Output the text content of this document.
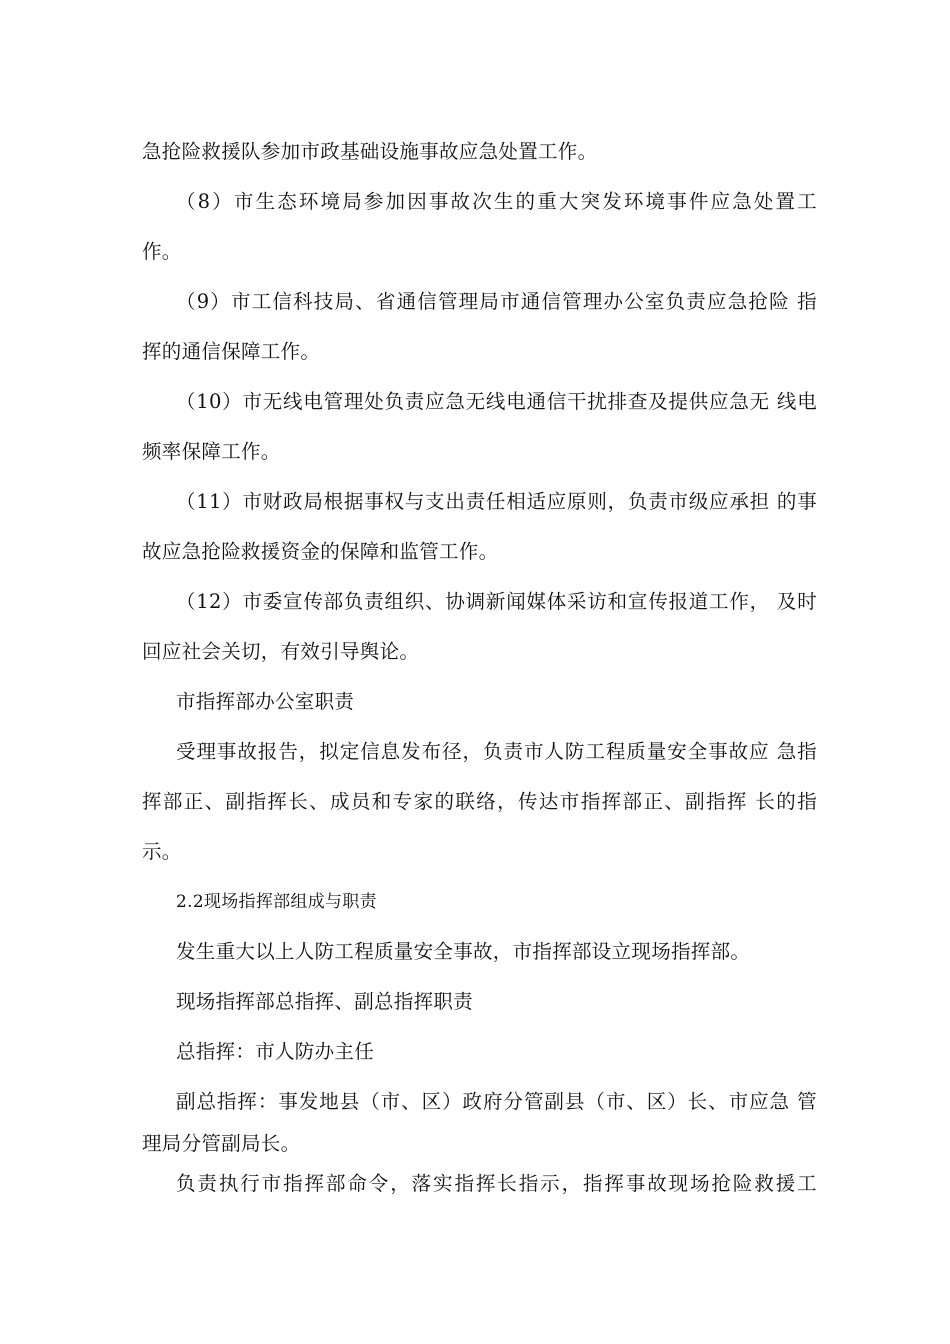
急抢险救援队参加市政基础设施事故应急处置工作。
（8）市生态环境局参加因事故次生的重大突发环境事件应急处置工
作。
（9）市工信科技局、省通信管理局市通信管理办公室负责应急抢险 指
挥的通信保障工作。
（10）市无线电管理处负责应急无线电通信干扰排查及提供应急无 线电
频率保障工作。
（11）市财政局根据事权与支出责任相适应原则，负责市级应承担 的事
故应急抢险救援资金的保障和监管工作。
（12）市委宣传部负责组织、协调新闻媒体采访和宣传报道工作， 及时
回应社会关切，有效引导舆论。
市指挥部办公室职责
受理事故报告，拟定信息发布径，负责市人防工程质量安全事故应 急指
挥部正、副指挥长、成员和专家的联络，传达市指挥部正、副指挥 长的指
示。
2.2现场指挥部组成与职责
发生重大以上人防工程质量安全事故，市指挥部设立现场指挥部。
现场指挥部总指挥、副总指挥职责
总指挥：市人防办主任
副总指挥：事发地县（市、区）政府分管副县（市、区）长、市应急 管
理局分管副局长。
负责执行市指挥部命令，落实指挥长指示，指挥事故现场抢险救援工
